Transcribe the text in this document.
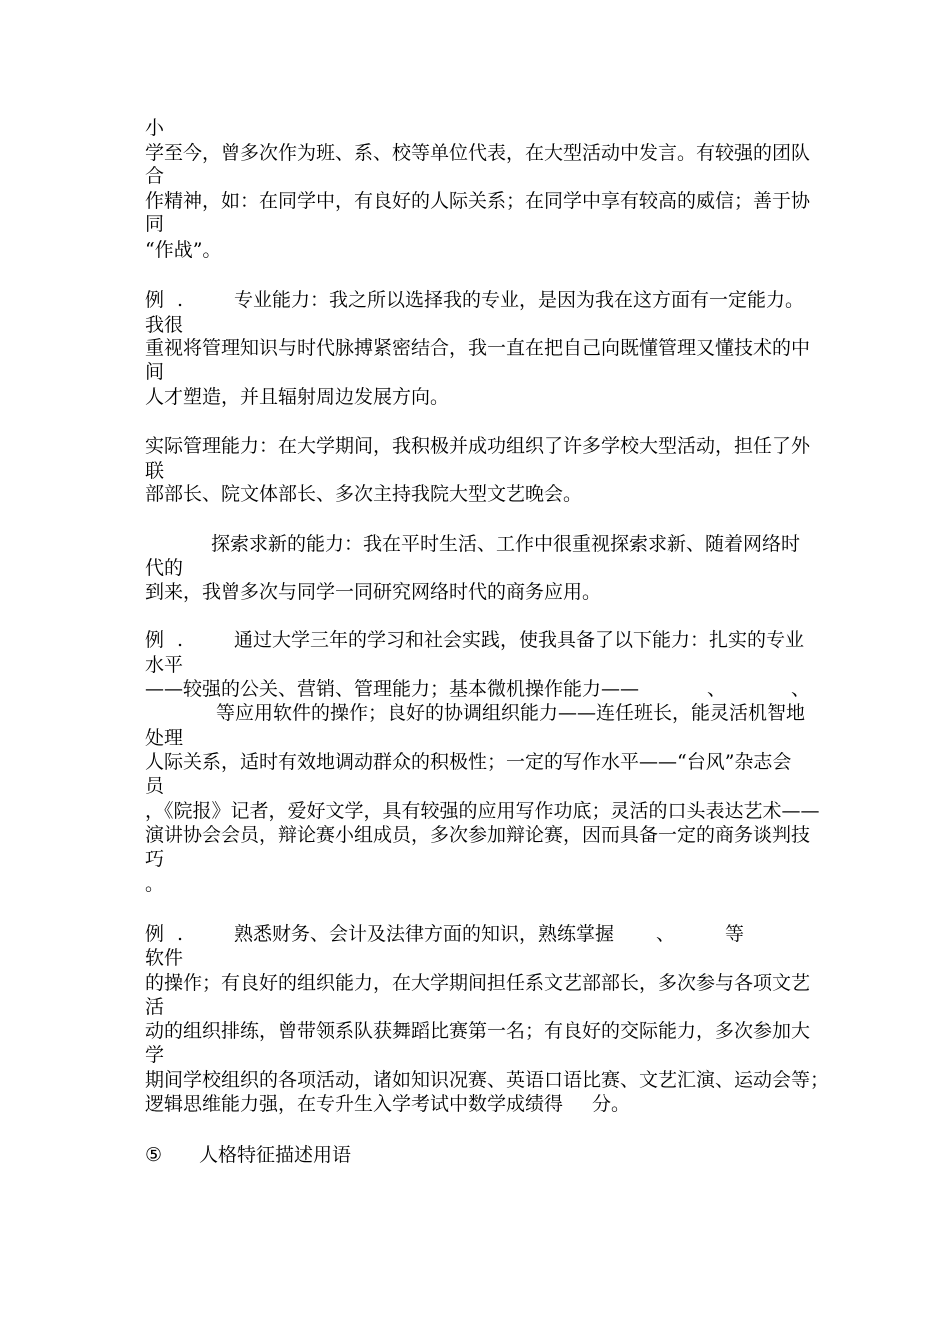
小
学至今，曾多次作为班、系、校等单位代表，在大型活动中发言。有较强的团队
合
作精神，如：在同学中，有良好的人际关系；在同学中享有较高的威信；善于协
同
“作战”。
例 .	专业能力：我之所以选择我的专业，是因为我在这方面有一定能力。
我很
重视将管理知识与时代脉搏紧密结合，我一直在把自己向既懂管理又懂技术的中
间
人才塑造，并且辐射周边发展方向。
实际管理能力：在大学期间，我积极并成功组织了许多学校大型活动，担任了外
联
部部长、院文体部长、多次主持我院大型文艺晚会。
探索求新的能力：我在平时生活、工作中很重视探索求新、随着网络时
代的
到来，我曾多次与同学一同研究网络时代的商务应用。
例 .	通过大学三年的学习和社会实践，使我具备了以下能力：扎实的专业
水平
——较强的公关、营销、管理能力；基本微机操作能力——	、	、
等应用软件的操作；良好的协调组织能力——连任班长，能灵活机智地
处理
人际关系，适时有效地调动群众的积极性；一定的写作水平——“台风”杂志会
员
，《院报》记者，爱好文学，具有较强的应用写作功底；灵活的口头表达艺术——
演讲协会会员，辩论赛小组成员，多次参加辩论赛，因而具备一定的商务谈判技
巧
。
例 .	熟悉财务、会计及法律方面的知识，熟练掌握 、	等
软件
的操作；有良好的组织能力，在大学期间担任系文艺部部长，多次参与各项文艺
活
动的组织排练，曾带领系队获舞蹈比赛第一名；有良好的交际能力，多次参加大
学
期间学校组织的各项活动，诸如知识况赛、英语口语比赛、文艺汇演、运动会等；
逻辑思维能力强，在专升生入学考试中数学成绩得 分。
⑤ 人格特征描述用语
